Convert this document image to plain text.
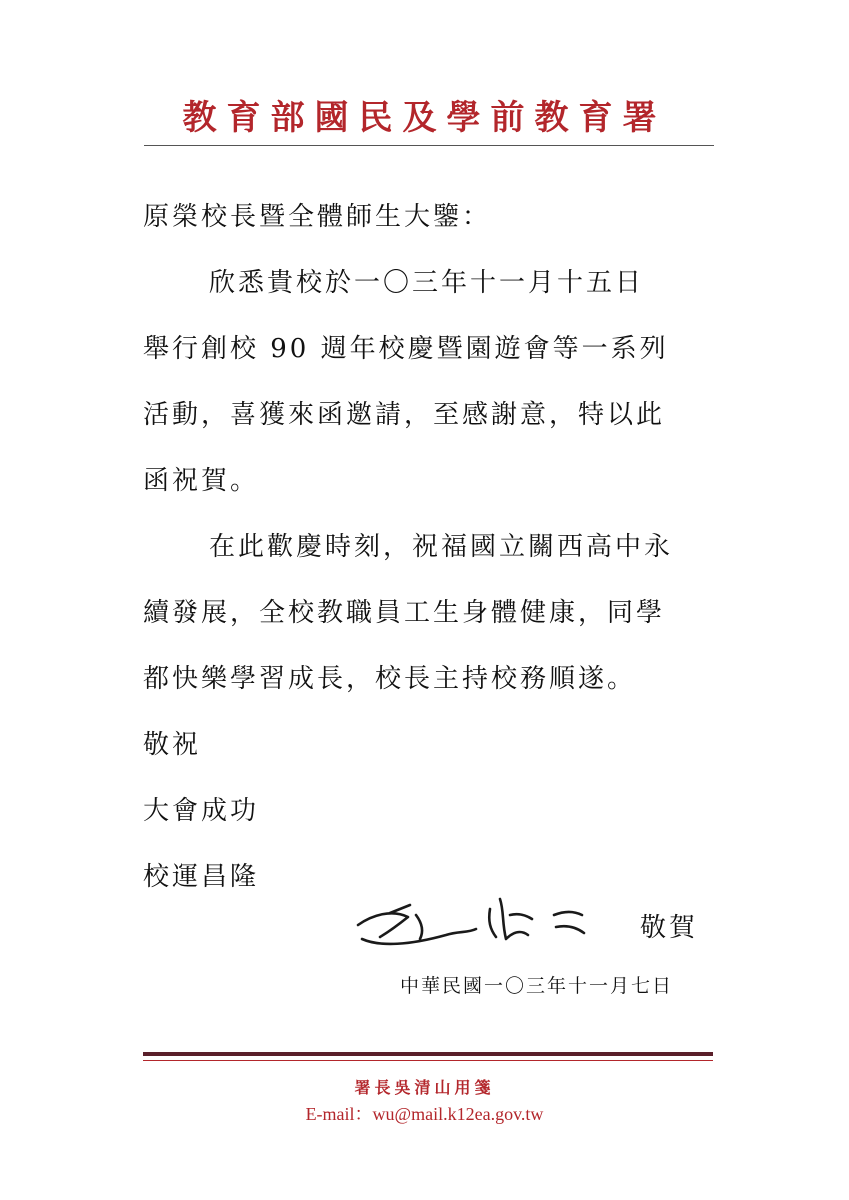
教育部國民及學前教育署
原榮校長暨全體師生大鑒：
欣悉貴校於一〇三年十一月十五日
舉行創校 90 週年校慶暨園遊會等一系列
活動，喜獲來函邀請，至感謝意，特以此
函祝賀。
在此歡慶時刻，祝福國立關西高中永
續發展，全校教職員工生身體健康，同學
都快樂學習成長，校長主持校務順遂。
敬祝
大會成功
校運昌隆
敬賀
中華民國一〇三年十一月七日
署長吳清山用箋
E-mail：wu@mail.k12ea.gov.tw
